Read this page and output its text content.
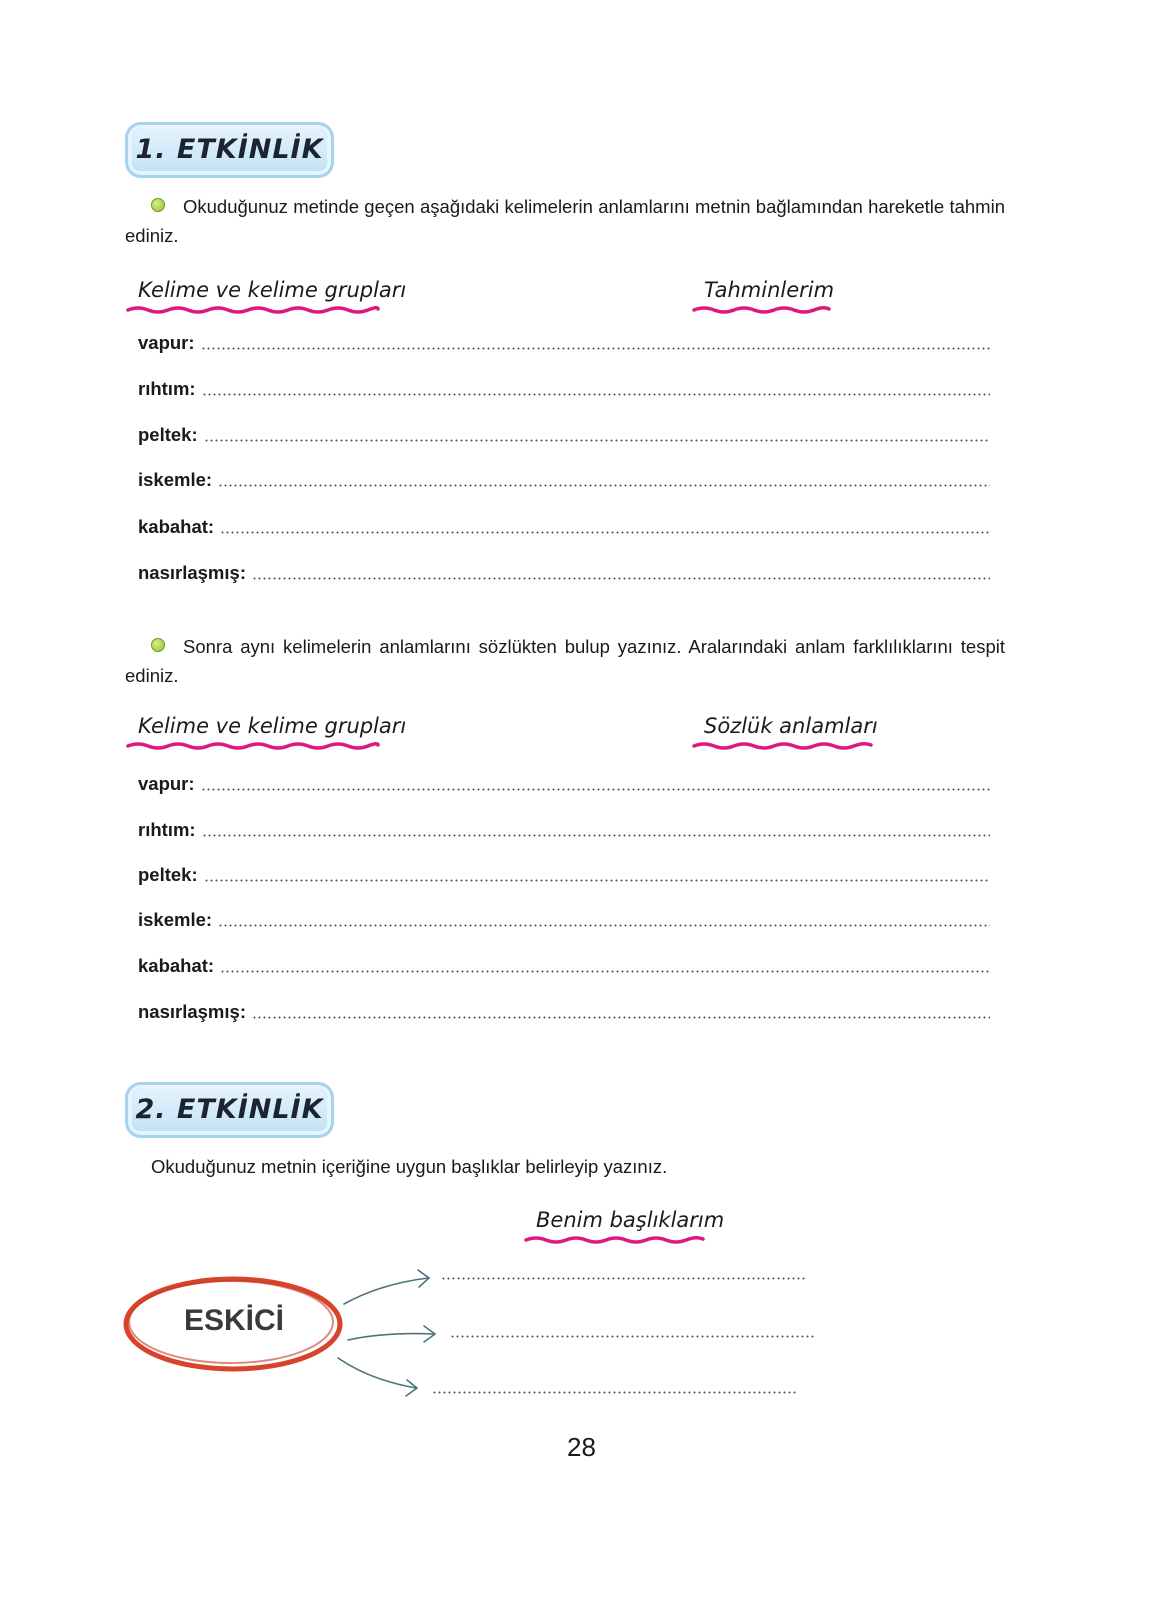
1. ETKİNLİK
Okuduğunuz metinde geçen aşağıdaki kelimelerin anlamlarını metnin bağlamından hareketle tahmin ediniz.
Kelime ve kelime grupları	Tahminlerim
vapur:
rıhtım:
peltek:
iskemle:
kabahat:
nasırlaşmış:
Sonra aynı kelimelerin anlamlarını sözlükten bulup yazınız. Aralarındaki anlam farklılıklarını tespit ediniz.
Kelime ve kelime grupları	Sözlük anlamları
vapur:
rıhtım:
peltek:
iskemle:
kabahat:
nasırlaşmış:
2. ETKİNLİK
Okuduğunuz metnin içeriğine uygun başlıklar belirleyip yazınız.
Benim başlıklarım
ESKİCİ
28
